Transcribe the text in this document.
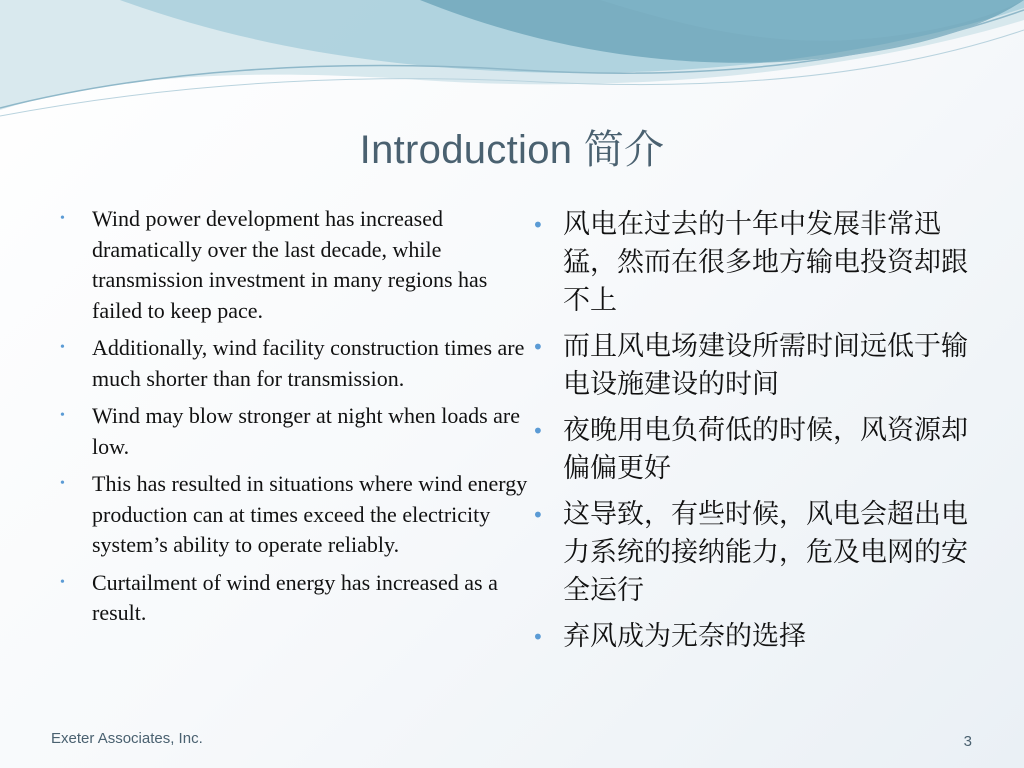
Introduction 简介
• Wind power development has increased dramatically over the last decade, while transmission investment in many regions has failed to keep pace.
• Additionally, wind facility construction times are much shorter than for transmission.
• Wind may blow stronger at night when loads are low.
• This has resulted in situations where wind energy production can at times exceed the electricity system’s ability to operate reliably.
• Curtailment of wind energy has increased as a result.
• 风电在过去的十年中发展非常迅猛，然而在很多地方输电投资却跟不上
• 而且风电场建设所需时间远低于输电设施建设的时间
• 夜晚用电负荷低的时候，风资源却偏偏更好
• 这导致，有些时候，风电会超出电力系统的接纳能力，危及电网的安全运行
• 弃风成为无奈的选择
Exeter Associates, Inc.	3
